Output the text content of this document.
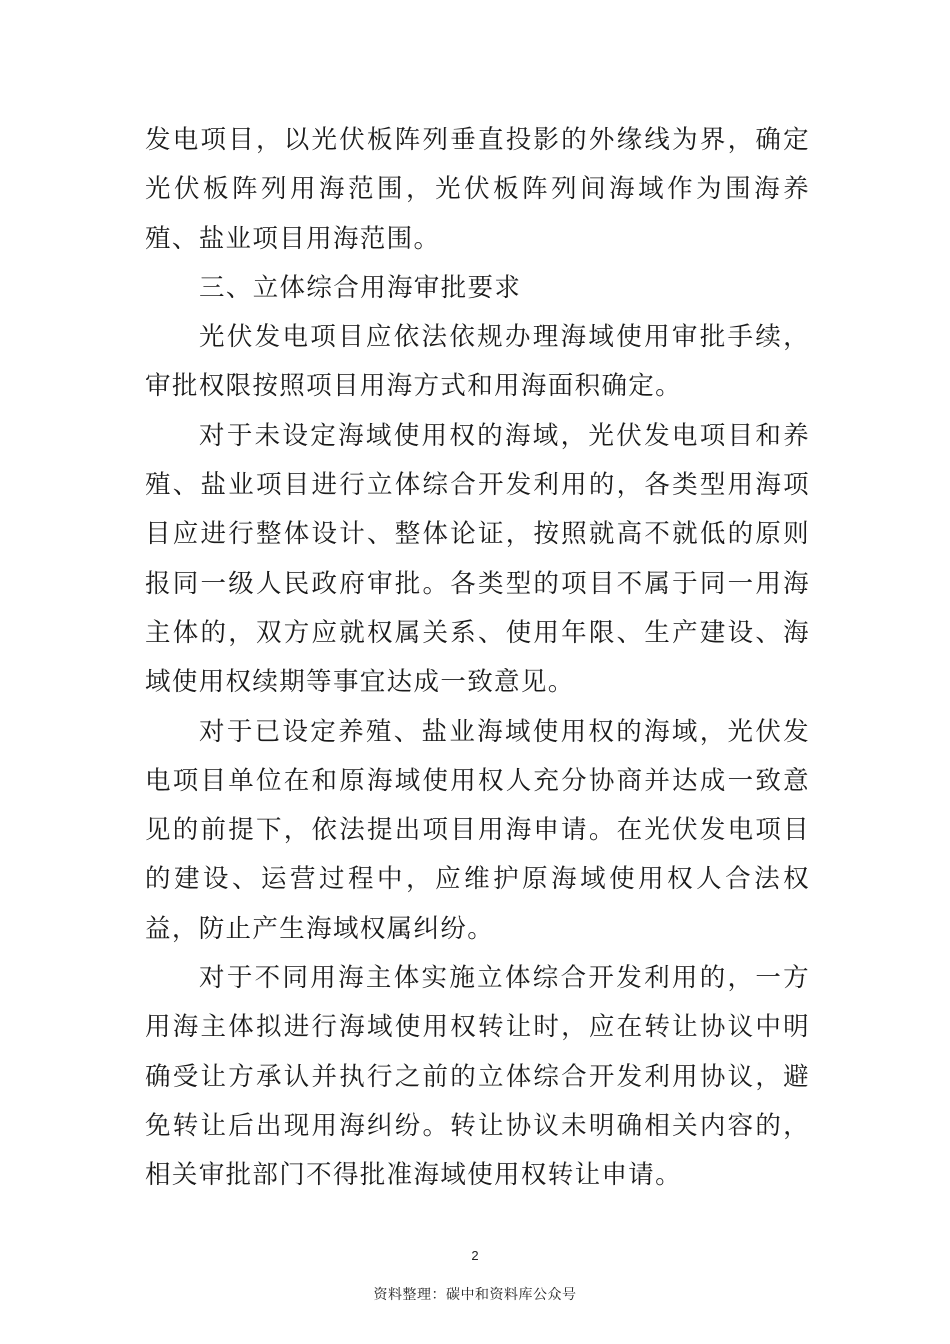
发电项目，以光伏板阵列垂直投影的外缘线为界，确定光伏板阵列用海范围，光伏板阵列间海域作为围海养殖、盐业项目用海范围。

三、立体综合用海审批要求

光伏发电项目应依法依规办理海域使用审批手续，审批权限按照项目用海方式和用海面积确定。

对于未设定海域使用权的海域，光伏发电项目和养殖、盐业项目进行立体综合开发利用的，各类型用海项目应进行整体设计、整体论证，按照就高不就低的原则报同一级人民政府审批。各类型的项目不属于同一用海主体的，双方应就权属关系、使用年限、生产建设、海域使用权续期等事宜达成一致意见。

对于已设定养殖、盐业海域使用权的海域，光伏发电项目单位在和原海域使用权人充分协商并达成一致意见的前提下，依法提出项目用海申请。在光伏发电项目的建设、运营过程中，应维护原海域使用权人合法权益，防止产生海域权属纠纷。

对于不同用海主体实施立体综合开发利用的，一方用海主体拟进行海域使用权转让时，应在转让协议中明确受让方承认并执行之前的立体综合开发利用协议，避免转让后出现用海纠纷。转让协议未明确相关内容的，相关审批部门不得批准海域使用权转让申请。

2
资料整理：碳中和资料库公众号
